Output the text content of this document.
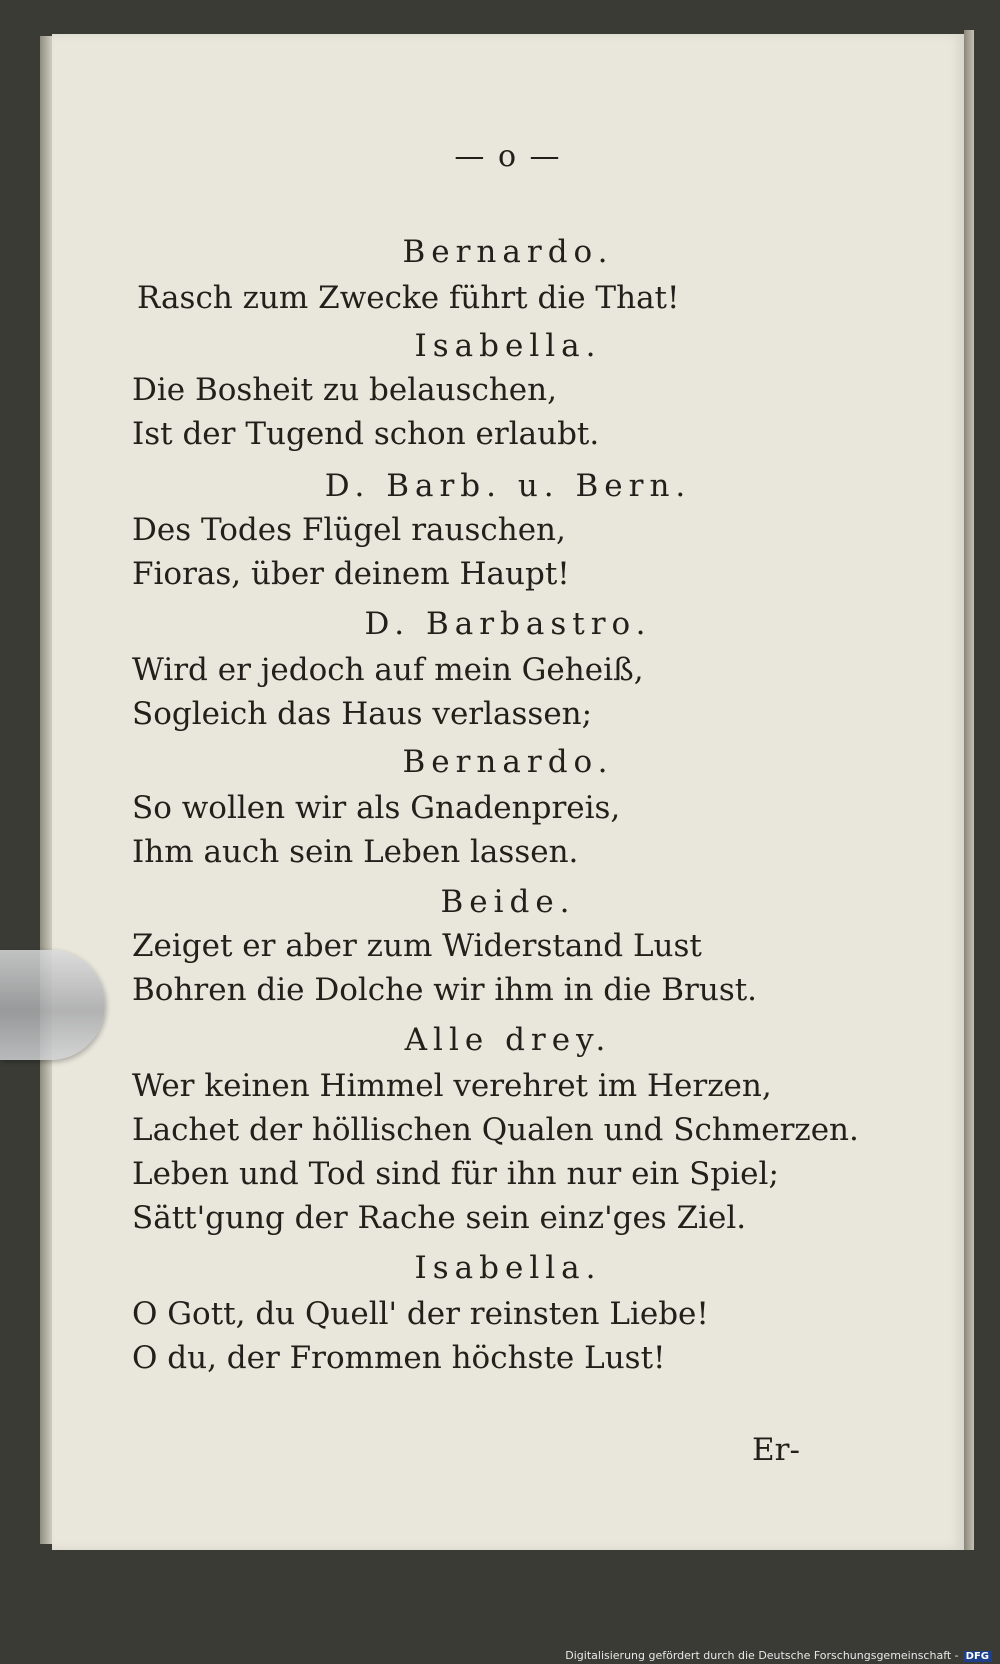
— o —
Bernardo.
Rasch zum Zwecke führt die That!
Isabella.
Die Bosheit zu belauschen,
Ist der Tugend schon erlaubt.
D. Barb. u. Bern.
Des Todes Flügel rauschen,
Fioras, über deinem Haupt!
D. Barbastro.
Wird er jedoch auf mein Geheiß,
Sogleich das Haus verlassen;
Bernardo.
So wollen wir als Gnadenpreis,
Ihm auch sein Leben lassen.
Beide.
Zeiget er aber zum Widerstand Lust
Bohren die Dolche wir ihm in die Brust.
Alle drey.
Wer keinen Himmel verehret im Herzen,
Lachet der höllischen Qualen und Schmerzen.
Leben und Tod sind für ihn nur ein Spiel;
Sätt'gung der Rache sein einz'ges Ziel.
Isabella.
O Gott, du Quell' der reinsten Liebe!
O du, der Frommen höchste Lust!
Er-
Digitalisierung gefördert durch die Deutsche Forschungsgemeinschaft - DFG
